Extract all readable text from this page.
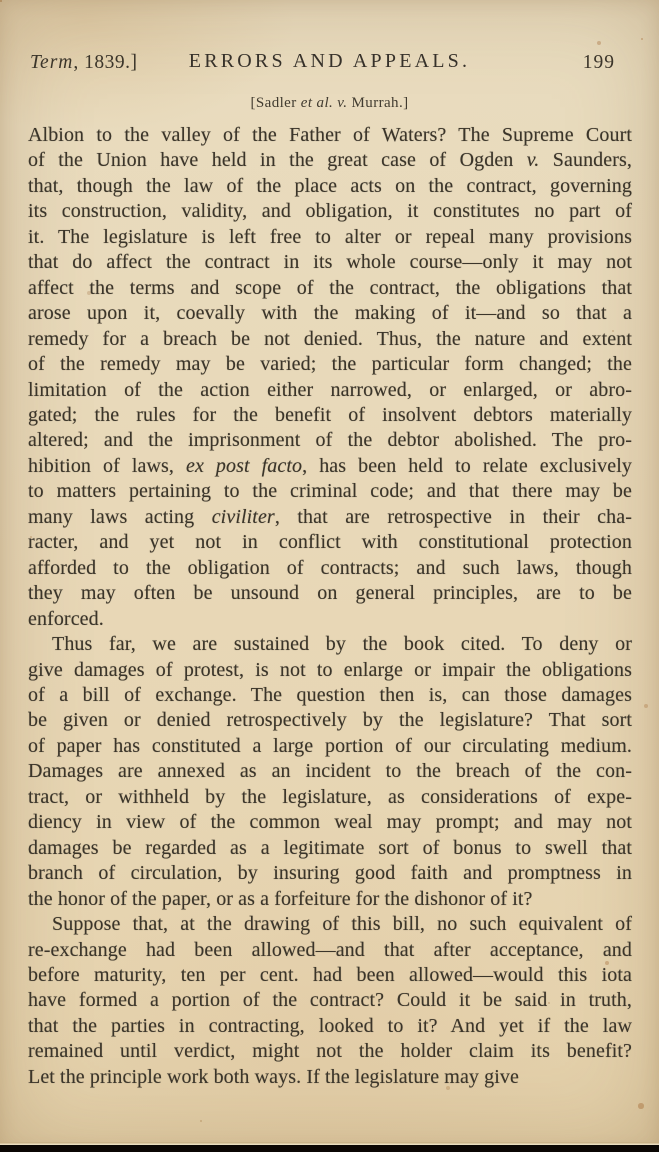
Term, 1839.]	ERRORS AND APPEALS.	199
[Sadler et al. v. Murrah.]

Albion to the valley of the Father of Waters? The Supreme Court
of the Union have held in the great case of Ogden v. Saunders,
that, though the law of the place acts on the contract, governing
its construction, validity, and obligation, it constitutes no part of
it. The legislature is left free to alter or repeal many provisions
that do affect the contract in its whole course—only it may not
affect the terms and scope of the contract, the obligations that
arose upon it, coevally with the making of it—and so that a
remedy for a breach be not denied. Thus, the nature and extent
of the remedy may be varied; the particular form changed; the
limitation of the action either narrowed, or enlarged, or abro-
gated; the rules for the benefit of insolvent debtors materially
altered; and the imprisonment of the debtor abolished. The pro-
hibition of laws, ex post facto, has been held to relate exclusively
to matters pertaining to the criminal code; and that there may be
many laws acting civiliter, that are retrospective in their cha-
racter, and yet not in conflict with constitutional protection
afforded to the obligation of contracts; and such laws, though
they may often be unsound on general principles, are to be
enforced.

Thus far, we are sustained by the book cited. To deny or
give damages of protest, is not to enlarge or impair the obligations
of a bill of exchange. The question then is, can those damages
be given or denied retrospectively by the legislature? That sort
of paper has constituted a large portion of our circulating medium.
Damages are annexed as an incident to the breach of the con-
tract, or withheld by the legislature, as considerations of expe-
diency in view of the common weal may prompt; and may not
damages be regarded as a legitimate sort of bonus to swell that
branch of circulation, by insuring good faith and promptness in
the honor of the paper, or as a forfeiture for the dishonor of it?

Suppose that, at the drawing of this bill, no such equivalent of
re-exchange had been allowed—and that after acceptance, and
before maturity, ten per cent. had been allowed—would this iota
have formed a portion of the contract? Could it be said in truth,
that the parties in contracting, looked to it? And yet if the law
remained until verdict, might not the holder claim its benefit?
Let the principle work both ways. If the legislature may give
